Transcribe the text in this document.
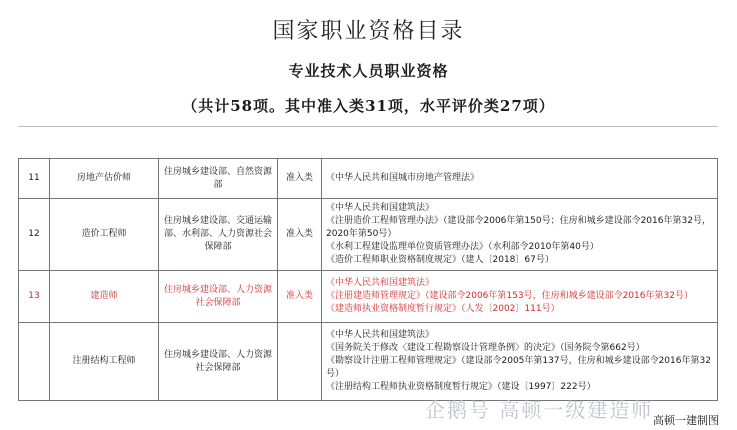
国家职业资格目录
专业技术人员职业资格
（共计58项。其中准入类31项，水平评价类27项）
11	房地产估价师	住房城乡建设部、自然资源部	准入类	《中华人民共和国城市房地产管理法》

12	造价工程师	住房城乡建设部、交通运输部、水利部、人力资源社会保障部	准入类	《中华人民共和国建筑法》
《注册造价工程师管理办法》（建设部令2006年第150号；住房和城乡建设部令2016年第32号，2020年第50号）
《水利工程建设监理单位资质管理办法》（水利部令2010年第40号）
《造价工程师职业资格制度规定》（建人〔2018〕67号）

13	建造师	住房城乡建设部、人力资源社会保障部	准入类	《中华人民共和国建筑法》
《注册建造师管理规定》（建设部令2006年第153号，住房和城乡建设部令2016年第32号）
《建造师执业资格制度暂行规定》（人发〔2002〕111号）

	注册结构工程师	住房城乡建设部、人力资源社会保障部		《中华人民共和国建筑法》
《国务院关于修改〈建设工程勘察设计管理条例〉的决定》（国务院令第662号）
《勘察设计注册工程师管理规定》（建设部令2005年第137号，住房和城乡建设部令2016年第32号）
《注册结构工程师执业资格制度暂行规定》（建设〔1997〕222号）
企鹅号 高顿一级建造师 高顿一建制图
